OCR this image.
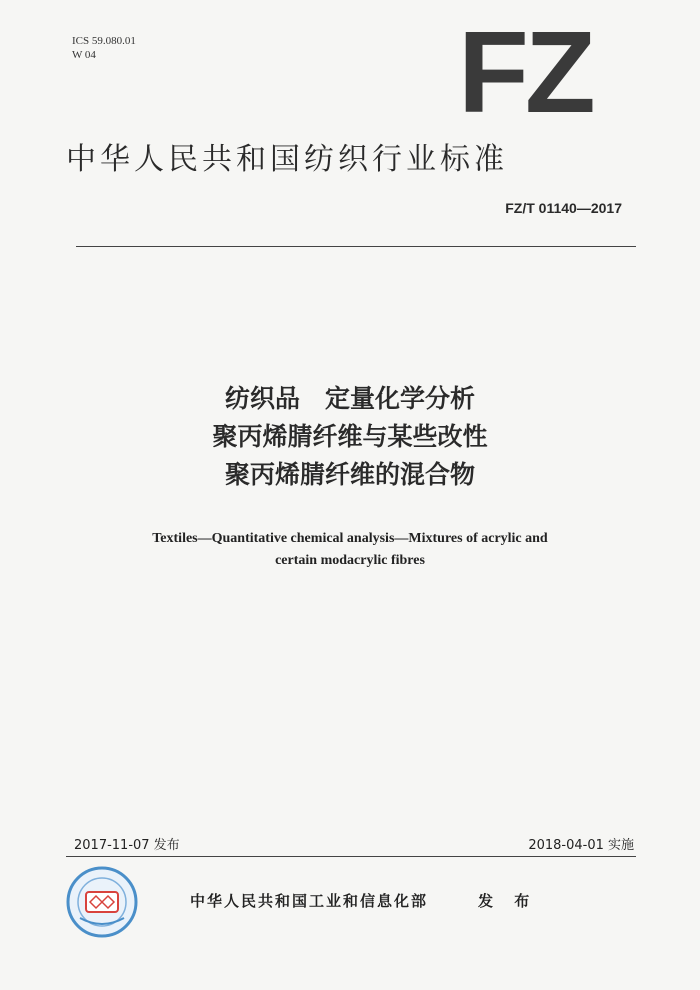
ICS 59.080.01
W 04	FZ
中华人民共和国纺织行业标准
FZ/T 01140—2017
纺织品　定量化学分析
聚丙烯腈纤维与某些改性
聚丙烯腈纤维的混合物
Textiles—Quantitative chemical analysis—Mixtures of acrylic and
certain modacrylic fibres
2017-11-07 发布	2018-04-01 实施
中华人民共和国工业和信息化部	发 布
